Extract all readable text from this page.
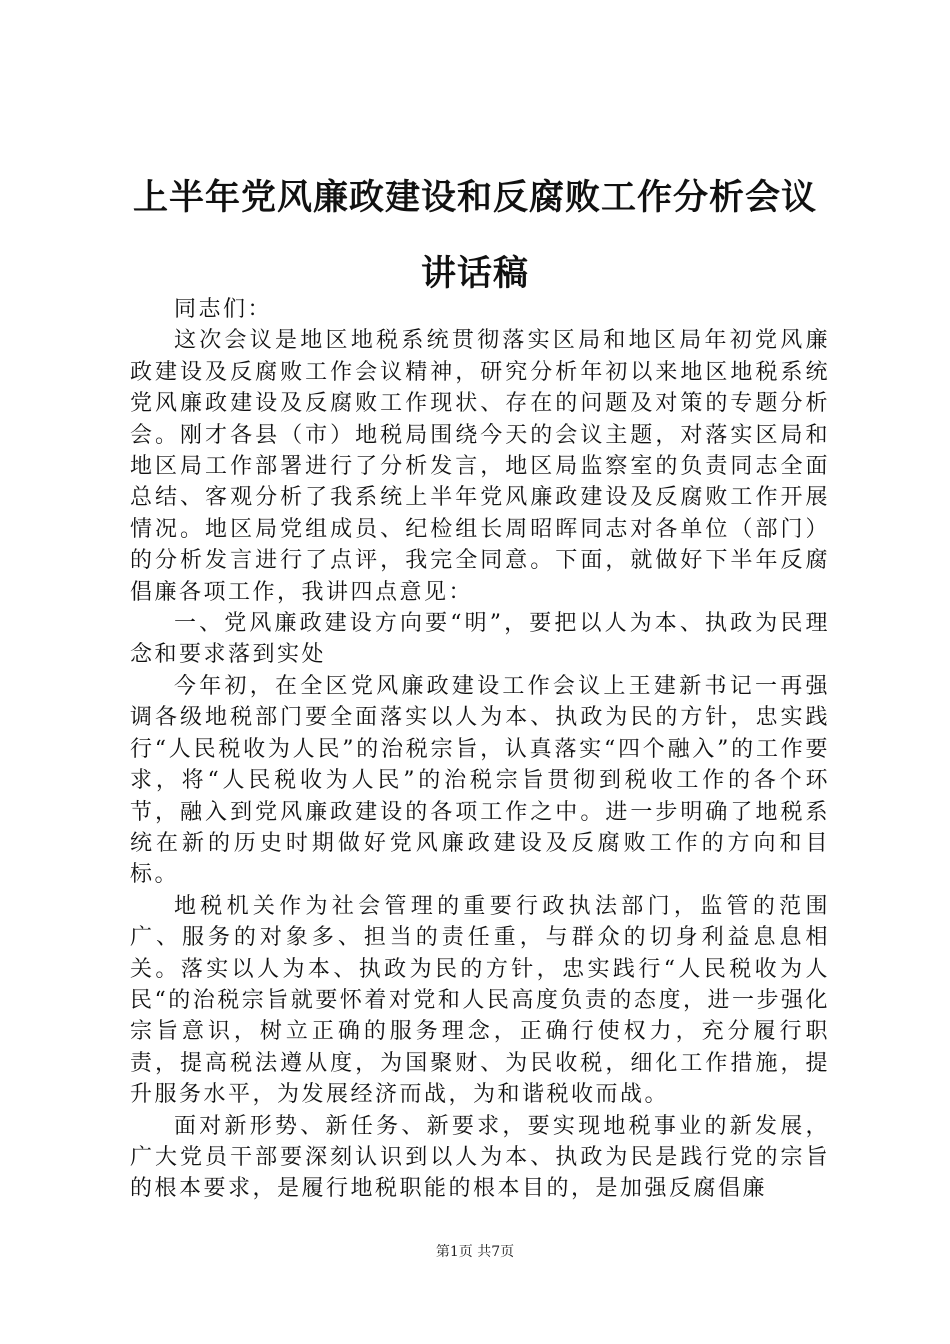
上半年党风廉政建设和反腐败工作分析会议讲话稿

同志们：

这次会议是地区地税系统贯彻落实区局和地区局年初党风廉政建设及反腐败工作会议精神，研究分析年初以来地区地税系统党风廉政建设及反腐败工作现状、存在的问题及对策的专题分析会。刚才各县（市）地税局围绕今天的会议主题，对落实区局和地区局工作部署进行了分析发言，地区局监察室的负责同志全面总结、客观分析了我系统上半年党风廉政建设及反腐败工作开展情况。地区局党组成员、纪检组长周昭晖同志对各单位（部门）的分析发言进行了点评，我完全同意。下面，就做好下半年反腐倡廉各项工作，我讲四点意见：

一、党风廉政建设方向要“明”，要把以人为本、执政为民理念和要求落到实处

今年初，在全区党风廉政建设工作会议上王建新书记一再强调各级地税部门要全面落实以人为本、执政为民的方针，忠实践行“人民税收为人民”的治税宗旨，认真落实“四个融入”的工作要求，将“人民税收为人民”的治税宗旨贯彻到税收工作的各个环节，融入到党风廉政建设的各项工作之中。进一步明确了地税系统在新的历史时期做好党风廉政建设及反腐败工作的方向和目标。

地税机关作为社会管理的重要行政执法部门，监管的范围广、服务的对象多、担当的责任重，与群众的切身利益息息相关。落实以人为本、执政为民的方针，忠实践行“人民税收为人民“的治税宗旨就要怀着对党和人民高度负责的态度，进一步强化宗旨意识，树立正确的服务理念，正确行使权力，充分履行职责，提高税法遵从度，为国聚财、为民收税，细化工作措施，提升服务水平，为发展经济而战，为和谐税收而战。

面对新形势、新任务、新要求，要实现地税事业的新发展，广大党员干部要深刻认识到以人为本、执政为民是践行党的宗旨的根本要求，是履行地税职能的根本目的，是加强反腐倡廉

第1页 共7页
